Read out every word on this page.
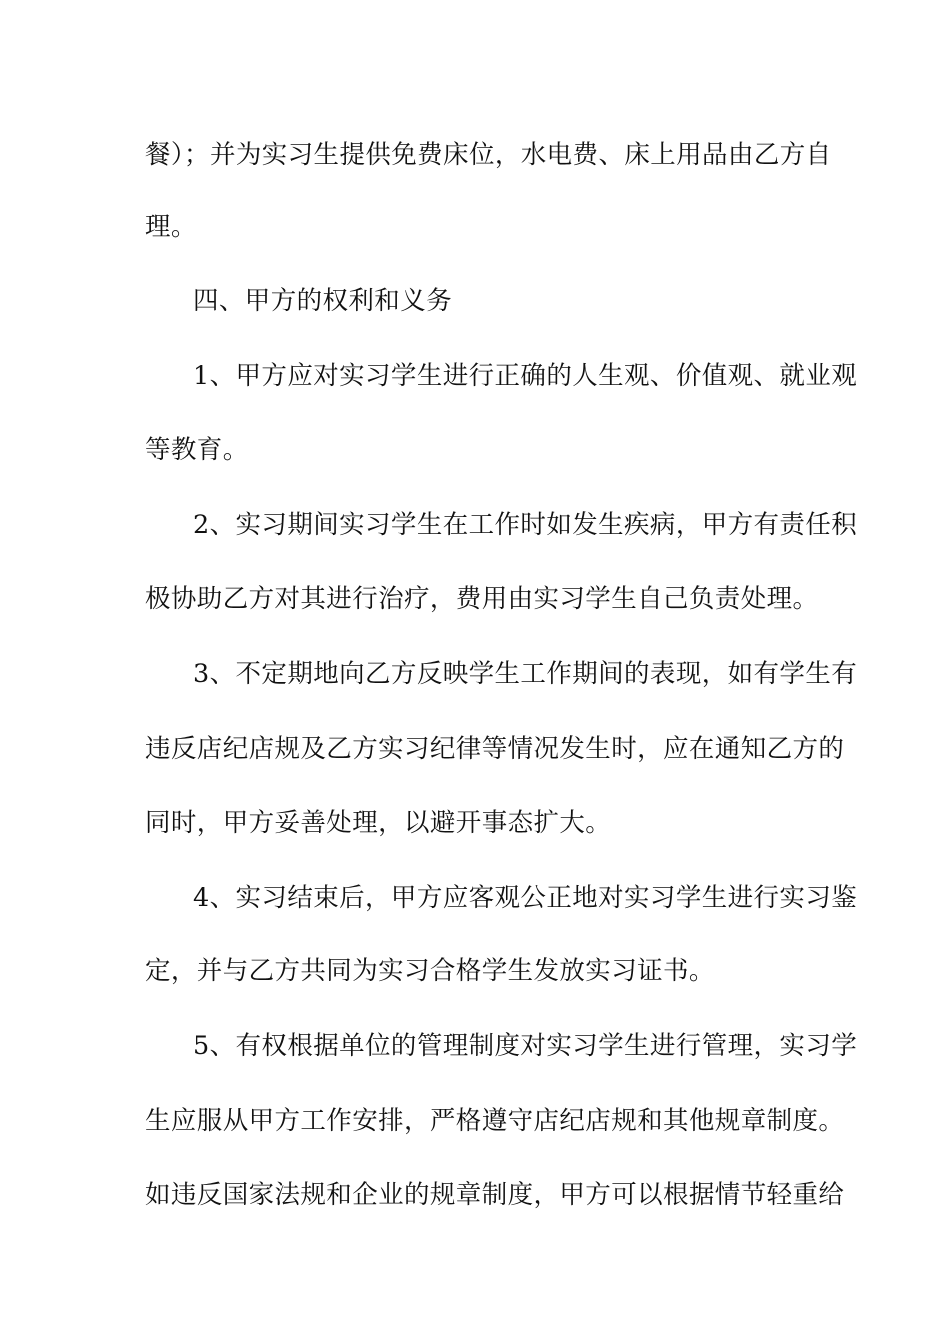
餐）；并为实习生提供免费床位，水电费、床上用品由乙方自
理。
四、甲方的权利和义务
1、甲方应对实习学生进行正确的人生观、价值观、就业观
等教育。
2、实习期间实习学生在工作时如发生疾病，甲方有责任积
极协助乙方对其进行治疗，费用由实习学生自己负责处理。
3、不定期地向乙方反映学生工作期间的表现，如有学生有
违反店纪店规及乙方实习纪律等情况发生时，应在通知乙方的
同时，甲方妥善处理，以避开事态扩大。
4、实习结束后，甲方应客观公正地对实习学生进行实习鉴
定，并与乙方共同为实习合格学生发放实习证书。
5、有权根据单位的管理制度对实习学生进行管理，实习学
生应服从甲方工作安排，严格遵守店纪店规和其他规章制度。
如违反国家法规和企业的规章制度，甲方可以根据情节轻重给
